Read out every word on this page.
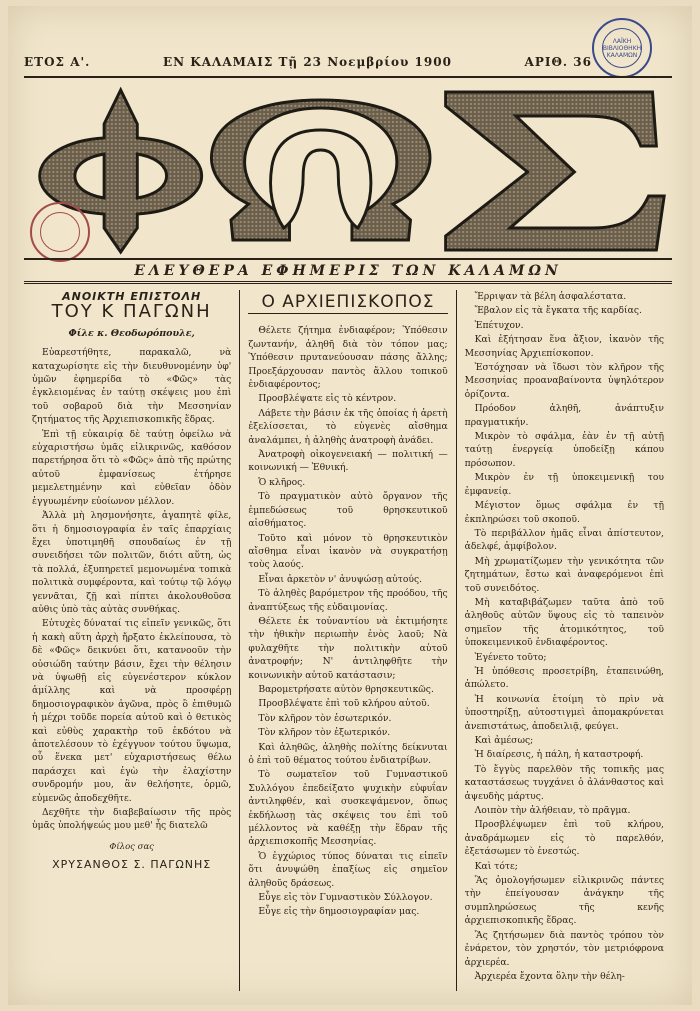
ΛΑΪΚΗ ΒΙΒΛΙΟΘΗΚΗ ΚΑΛΑΜΩΝ
ΕΤΟΣ Α'.	ΕΝ ΚΑΛΑΜΑΙΣ Τῇ 23 Νοεμβρίου 1900	ΑΡΙΘ. 36
ΦΩΣ
ΕΛΕΥΘΕΡΑ ΕΦΗΜΕΡΙΣ ΤΩΝ ΚΑΛΑΜΩΝ
ΑΝΟΙΚΤΗ ΕΠΙΣΤΟΛΗ
ΤΟΥ Κ ΠΑΓΩΝΗ
Φίλε κ. Θεοδωρόπουλε,

Εὐαρεστήθητε, παρακαλῶ, νὰ καταχωρίσητε εἰς τὴν διευθυνομένην ὑφ' ὑμῶν ἐφημερίδα τὸ «Φῶς» τὰς ἐγκλειομένας ἐν ταύτῃ σκέψεις μου ἐπὶ τοῦ σοβαροῦ διὰ τὴν Μεσσηνίαν ζητήματος τῆς Ἀρχιεπισκοπικῆς ἕδρας.

Ἐπὶ τῇ εὐκαιρίᾳ δὲ ταύτῃ ὀφείλω νὰ εὐχαριστήσω ὑμᾶς εἰλικρινῶς, καθόσον παρετήρησα ὅτι τὸ «Φῶς» ἀπὸ τῆς πρώτης αὐτοῦ ἐμφανίσεως ἐτήρησε μεμελετημένην καὶ εὐθεῖαν ὁδὸν ἐγγυωμένην εὐοίωνον μέλλον.

Ἀλλὰ μὴ λησμονήσητε, ἀγαπητὲ φίλε, ὅτι ἡ δημοσιογραφία ἐν ταῖς ἐπαρχίαις ἔχει ὑποτιμηθῆ σπουδαίως ἐν τῇ συνειδήσει τῶν πολιτῶν, διότι αὕτη, ὡς τὰ πολλά, ἐξυπηρετεῖ μεμονωμένα τοπικὰ πολιτικὰ συμφέροντα, καὶ τούτῳ τῷ λόγῳ γεννᾶται, ζῇ καὶ πίπτει ἀκολουθοῦσα αὐθις ὑπὸ τὰς αὐτὰς συνθήκας.

Εὐτυχὲς δύναταί τις εἰπεῖν γενικῶς, ὅτι ἡ κακὴ αὕτη ἀρχὴ ἤρξατο ἐκλείπουσα, τὸ δὲ «Φῶς» δεικνύει ὅτι, κατανοοῦν τὴν οὐσιώδη ταύτην βάσιν, ἔχει τὴν θέλησιν νὰ ὑψωθῇ εἰς εὐγενέστερον κύκλον ἁμίλλης καὶ νὰ προσφέρῃ δημοσιογραφικὸν ἀγῶνα, πρὸς ὃ ἐπιθυμῶ ἡ μέχρι τοῦδε πορεία αὐτοῦ καὶ ὁ θετικὸς καὶ εὐθὺς χαρακτὴρ τοῦ ἐκδότου νὰ ἀποτελέσουν τὸ ἐχέγγυον τούτου ὕψωμα, οὗ ἕνεκα μετ' εὐχαριστήσεως θέλω παράσχει καὶ ἐγὼ τὴν ἐλαχίστην συνδρομήν μου, ἂν θελήσητε, ὁρμῶ, εὐμενῶς ἀποδεχθῆτε.

Δεχθῆτε τὴν διαβεβαίωσιν τῆς πρὸς ὑμᾶς ὑπολήψεώς μου μεθ' ἧς διατελῶ

Φίλος σας
ΧΡΥΣΑΝΘΟΣ Σ. ΠΑΓΩΝΗΣ
Ο ΑΡΧΙΕΠΙΣΚΟΠΟΣ

Θέλετε ζήτημα ἐνδιαφέρον; Ὑπόθεσιν ζωντανήν, ἀληθῆ διὰ τὸν τόπον μας; Ὑπόθεσιν πρυτανεύουσαν πάσης ἄλλης; Προεξάρχουσαν παντὸς ἄλλου τοπικοῦ ἐνδιαφέροντος;

Προσβλέψατε εἰς τὸ κέντρον.

Λάβετε τὴν βάσιν ἐκ τῆς ὁποίας ἡ ἀρετὴ ἐξελίσσεται, τὸ εὐγενὲς αἴσθημα ἀναλάμπει, ἡ ἀληθὴς ἀνατροφὴ ἀνάδει.

Ἀνατροφὴ οἰκογενειακή — πολιτική — κοινωνική — Ἐθνική.

Ὁ κλῆρος.

Τὸ πραγματικὸν αὐτὸ ὄργανον τῆς ἐμπεδώσεως τοῦ θρησκευτικοῦ αἰσθήματος.

Τοῦτο καὶ μόνον τὸ θρησκευτικὸν αἴσθημα εἶναι ἱκανὸν νὰ συγκρατήσῃ τοὺς λαούς.

Εἶναι ἀρκετὸν ν' ἀνυψώσῃ αὐτούς.

Τὸ ἀληθὲς βαρόμετρον τῆς προόδου, τῆς ἀναπτύξεως τῆς εὐδαιμονίας.

Θέλετε ἐκ τοὐναντίου νὰ ἐκτιμήσητε τὴν ἠθικὴν περιωπὴν ἑνὸς λαοῦ; Νὰ φυλαχθῆτε τὴν πολιτικὴν αὐτοῦ ἀνατροφήν; Ν' ἀντιληφθῆτε τὴν κοινωνικὴν αὐτοῦ κατάστασιν;

Βαρομετρήσατε αὐτὸν θρησκευτικῶς.

Προσβλέψατε ἐπὶ τοῦ κλήρου αὐτοῦ.

Τὸν κλῆρον τὸν ἐσωτερικόν.

Τὸν κλῆρον τὸν ἐξωτερικόν.

Καὶ ἀληθῶς, ἀληθὴς πολίτης δείκνυται ὁ ἐπὶ τοῦ θέματος τούτου ἐνδιατρίβων.

Τὸ σωματεῖον τοῦ Γυμναστικοῦ Συλλόγου ἐπεδείξατο ψυχικὴν εὐφυΐαν ἀντιληφθέν, καὶ συσκεψάμενον, ὅπως ἐκδήλωσῃ τὰς σκέψεις του ἐπὶ τοῦ μέλλοντος νὰ καθέξῃ τὴν ἕδραν τῆς ἀρχιεπισκοπῆς Μεσσηνίας.

Ὁ ἐγχώριος τύπος δύναται τις εἰπεῖν ὅτι ἀνυψώθη ἐπαξίως εἰς σημεῖον ἀληθοῦς δράσεως.

Εὖγε εἰς τὸν Γυμναστικὸν Σύλλογον.

Εὖγε εἰς τὴν δημοσιογραφίαν μας.

Ἔρριψαν τὰ βέλη ἀσφαλέστατα.

Ἔβαλον εἰς τὰ ἔγκατα τῆς καρδίας.

Ἐπέτυχον.

Καὶ ἐξήτησαν ἕνα ἄξιον, ἱκανὸν τῆς Μεσσηνίας Ἀρχιεπίσκοπον.

Ἐστόχησαν νὰ ἴδωσι τὸν κλῆρον τῆς Μεσσηνίας προαναβαίνοντα ὑψηλότερον ὁρίζοντα.

Πρόοδον ἀληθῆ, ἀνάπτυξιν πραγματικήν.

Μικρὸν τὸ σφάλμα, ἐὰν ἐν τῇ αὐτῇ ταύτῃ ἐνεργείᾳ ὑποδείξῃ κάπου πρόσωπον.

Μικρὸν ἐν τῇ ὑποκειμενικῇ του ἐμφανείᾳ.

Μέγιστον ὅμως σφάλμα ἐν τῇ ἐκπληρώσει τοῦ σκοποῦ.

Τὸ περιβάλλον ἡμᾶς εἶναι ἀπίστευτον, ἀδελφέ, ἀμφίβολον.

Μὴ χρωματίζωμεν τὴν γενικότητα τῶν ζητημάτων, ἔστω καὶ ἀναφερόμενοι ἐπὶ τοῦ συνειδότος.

Μὴ καταβιβάζωμεν ταῦτα ἀπὸ τοῦ ἀληθοῦς αὐτῶν ὕψους εἰς τὸ ταπεινὸν σημεῖον τῆς ἀτομικότητος, τοῦ ὑποκειμενικοῦ ἐνδιαφέροντος.

Ἐγένετο τοῦτο;

Ἡ ὑπόθεσις προσετρίβη, ἐταπεινώθη, ἀπώλετο.

Ἡ κοινωνία ἑτοίμη τὸ πρὶν νὰ ὑποστηρίξῃ, αὐτοστιγμεὶ ἀπομακρύνεται ἀνεπιστάτως, ἀποδειλιᾷ, φεύγει.

Καὶ ἀμέσως;

Ἡ διαίρεσις, ἡ πάλη, ἡ καταστροφή.

Τὸ ἔγγὺς παρελθὸν τῆς τοπικῆς μας καταστάσεως τυγχάνει ὁ ἀλάνθαστος καὶ ἀψευδὴς μάρτυς.

Λοιπὸν τὴν ἀλήθειαν, τὸ πρᾶγμα.

Προσβλέψωμεν ἐπὶ τοῦ κλήρου, ἀναδράμωμεν εἰς τὸ παρελθόν, ἐξετάσωμεν τὸ ἐνεστώς.

Καὶ τότε;

Ἂς ὁμολογήσωμεν εἰλικρινῶς πάντες τὴν ἐπείγουσαν ἀνάγκην τῆς συμπληρώσεως τῆς κενῆς ἀρχιεπισκοπικῆς ἕδρας.

Ἂς ζητήσωμεν διὰ παντὸς τρόπου τὸν ἐνάρετον, τὸν χρηστόν, τὸν μετριόφρονα ἀρχιερέα.

Ἀρχιερέα ἔχοντα ὅλην τὴν θέλη-
